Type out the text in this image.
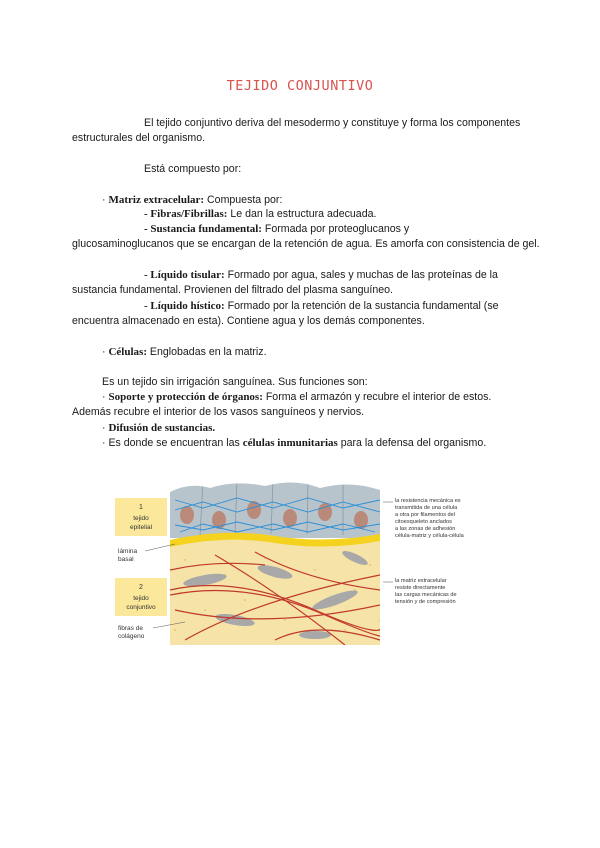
TEJIDO CONJUNTIVO

El tejido conjuntivo deriva del mesodermo y constituye y forma los componentes estructurales del organismo.

Está compuesto por:

· Matriz extracelular: Compuesta por:

- Fibras/Fibrillas: Le dan la estructura adecuada.

- Sustancia fundamental: Formada por proteoglucanos y
glucosaminoglucanos que se encargan de la retención de agua. Es amorfa con consistencia de gel.

- Líquido tisular: Formado por agua, sales y muchas de las proteínas de la
sustancia fundamental. Provienen del filtrado del plasma sanguíneo.

- Líquido hístico: Formado por la retención de la sustancia fundamental (se
encuentra almacenado en esta). Contiene agua y los demás componentes.

· Células: Englobadas en la matriz.

Es un tejido sin irrigación sanguínea. Sus funciones son:

· Soporte y protección de órganos: Forma el armazón y recubre el interior de estos.
Además recubre el interior de los vasos sanguíneos y nervios.

· Difusión de sustancias.

· Es donde se encuentran las células inmunitarias para la defensa del organismo.

1
tejido
epitelial
lámina
basal
2
tejido
conjuntivo
fibras de
colágeno
la resistencia mecánica es
transmitida de una célula
a otra por filamentos del
citoesqueleto anclados
a las zonas de adhesión
célula-matriz y célula-célula
la matriz extracelular
resiste directamente
las cargas mecánicas de
tensión y de compresión
